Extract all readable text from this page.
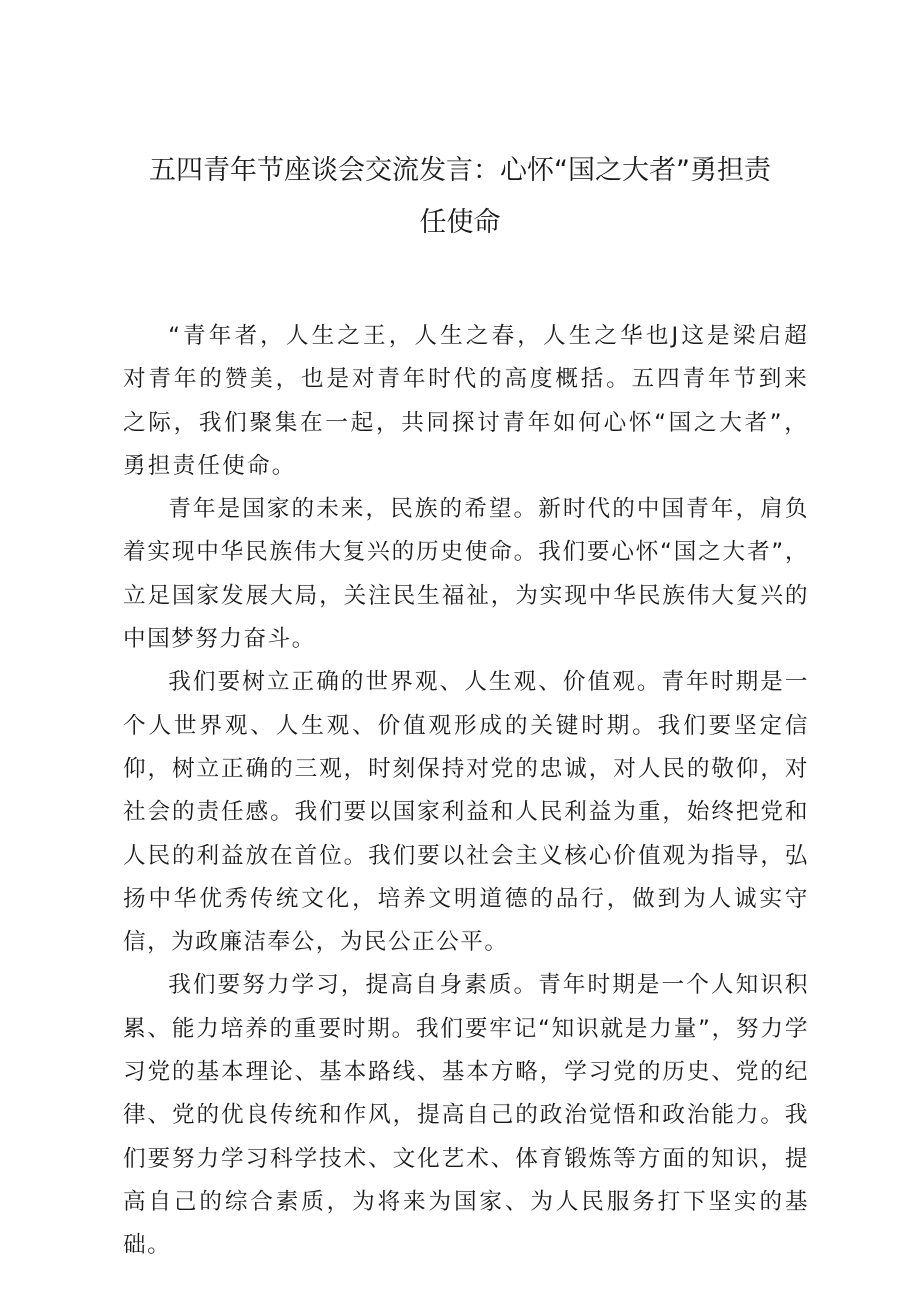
五四青年节座谈会交流发言：心怀“国之大者”勇担责
任使命

“青年者，人生之王，人生之春，人生之华也J这是梁启超对青年的赞美，也是对青年时代的高度概括。五四青年节到来之际，我们聚集在一起，共同探讨青年如何心怀“国之大者”，勇担责任使命。

青年是国家的未来，民族的希望。新时代的中国青年，肩负着实现中华民族伟大复兴的历史使命。我们要心怀“国之大者”，立足国家发展大局，关注民生福祉，为实现中华民族伟大复兴的中国梦努力奋斗。

我们要树立正确的世界观、人生观、价值观。青年时期是一个人世界观、人生观、价值观形成的关键时期。我们要坚定信仰，树立正确的三观，时刻保持对党的忠诚，对人民的敬仰，对社会的责任感。我们要以国家利益和人民利益为重，始终把党和人民的利益放在首位。我们要以社会主义核心价值观为指导，弘扬中华优秀传统文化，培养文明道德的品行，做到为人诚实守信，为政廉洁奉公，为民公正公平。

我们要努力学习，提高自身素质。青年时期是一个人知识积累、能力培养的重要时期。我们要牢记“知识就是力量”，努力学习党的基本理论、基本路线、基本方略，学习党的历史、党的纪律、党的优良传统和作风，提高自己的政治觉悟和政治能力。我们要努力学习科学技术、文化艺术、体育锻炼等方面的知识，提高自己的综合素质，为将来为国家、为人民服务打下坚实的基础。
